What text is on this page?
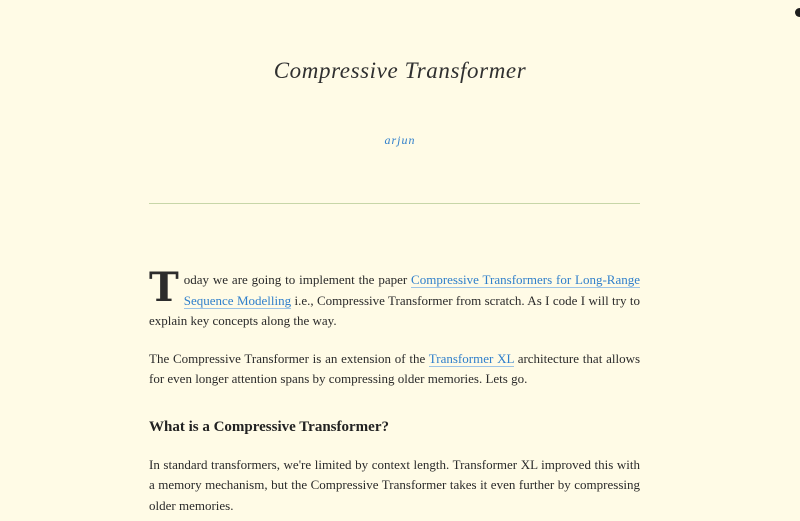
Compressive Transformer
arjun

Today we are going to implement the paper Compressive Transformers for Long-Range Sequence Modelling i.e., Compressive Transformer from scratch. As I code I will try to explain key concepts along the way.

The Compressive Transformer is an extension of the Transformer XL architecture that allows for even longer attention spans by compressing older memories. Lets go.

What is a Compressive Transformer?

In standard transformers, we're limited by context length. Transformer XL improved this with a memory mechanism, but the Compressive Transformer takes it even further by compressing older memories.
